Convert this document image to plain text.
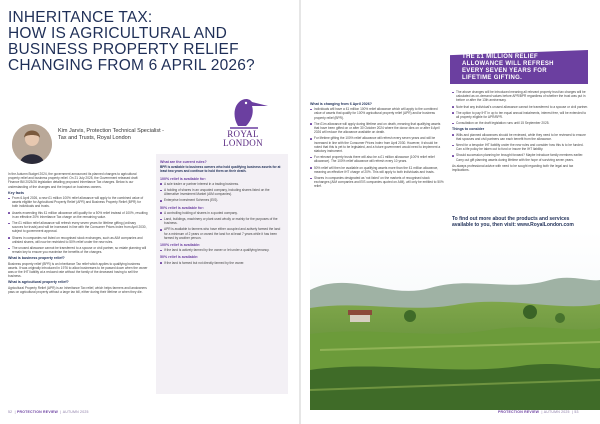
INHERITANCE TAX:
HOW IS AGRICULTURAL AND
BUSINESS PROPERTY RELIEF
CHANGING FROM 6 APRIL 2026?
Kim Jarvis, Protection Technical Specialist -
Tax and Trusts, Royal London	ROYAL
LONDON

In the Autumn Budget 2024, the government announced its planned changes to agricultural property relief and business property relief. On 21 July 2025, the Government released draft Finance Bill 2025/26 legislation detailing proposed Inheritance Tax changes. Below is our understanding of the changes and the impact on business owners.

Key facts
From 6 April 2026, a new £1 million 100% relief allowance will apply to the combined value of assets eligible for Agricultural Property Relief (APR) and Business Property Relief (BPR) for both individuals and trusts.
Assets exceeding this £1 million allowance will qualify for a 50% relief instead of 100%, resulting in an effective 20% Inheritance Tax charge on the remaining value.
The £1 million relief allowance will refresh every seven years for lifetime gifting (ordinary sources for trusts) and will be increased in line with the Consumer Prices Index from April 2030, subject to government approval.
Shares in companies not listed on recognised stock exchanges, such as AIM companies and unlisted shares, will now be restricted to 50% relief under the new rules.
The unused allowance cannot be transferred to a spouse or civil partner, so estate planning will remain key to ensure you maximise the benefits of the changes.
What is business property relief?

Business property relief (BPR) is an Inheritance Tax relief which applies to qualifying business assets. It was originally introduced in 1976 to allow businesses to be passed down when the owner was or the IHT liability at a reduced rate without the family of the deceased having to sell the business.

What is agricultural property relief?

Agricultural Property Relief (APR) is an Inheritance Tax relief, which helps farmers and landowners pass on agricultural property without a large tax bill, either during their lifetime or when they die.

What are the current rules?

BPR is available to business owners who hold qualifying business assets for at least two years and continue to hold them on their death.

100% relief is available for:
A sole trader or partner interest in a trading business.
A holding of shares in an unquoted company, including shares listed on the Alternative Investment Market (AIM companies).
Enterprise Investment Schemes (EIS).
50% relief is available for:
A controlling holding of shares in a quoted company.
Land, buildings, machinery or plant used wholly or mainly for the purposes of the business.
APR is available to farmers who have either occupied and actively farmed the land for a minimum of 2 years or owned the land for at least 7 years while it has been farmed by another person.
100% relief is available:
If the land is actively farmed by the owner or let under a qualifying tenancy.
50% relief is available:
If the land is farmed but not directly farmed by the owner.
What is changing from 6 April 2026?
Individuals will have a £1 million 100% relief allowance which will apply to the combined value of assets that qualify for 100% agricultural property relief (APR) and/or business property relief (BPR).
The £1m allowance will apply during lifetime and on death, meaning that qualifying assets that have been gifted on or after 30 October 2024 where the donor dies on or after 6 April 2026 will reduce the allowance available on death.
For lifetime gifting the 100% relief allowance will refresh every seven years and will be increased in line with the Consumer Prices Index from April 2030. However, it should be noted that this is yet to be legislated, and a future government would need to implement a statutory instrument.
For relevant property trusts there will also be a £1 million allowance (100% relief relief allowance). The 100% relief allowance will refresh every 10 years.
50% relief will then be available on qualifying assets more than the £1 million allowance, meaning an effective IHT charge of 20%. This will apply to both individuals and trusts.
Shares in companies designated as 'not listed' on the markets of recognised stock exchanges (AIM companies and EIS companies quoted on AIM), will only be entitled to 50% relief.
THE £1 MILLION RELIEF
ALLOWANCE WILL REFRESH
EVERY SEVEN YEARS FOR
LIFETIME GIFTING.
The above changes will be introduced meaning all relevant property trust tax charges will be calculated as on-demand values before APR/BPR regardless of whether the trust was put in before or after the 13th anniversary.
Note that any individual's unused allowance cannot be transferred to a spouse or civil partner.
The option to pay IHT in up to ten equal annual instalments, interest free, will be extended to all property eligible for APR/BPR.
Consultation on the draft legislation runs until 15 September 2025.
Things to consider
Wills and planned allowances should be reviewed, while they need to be reviewed to ensure that spouses and civil partners can each benefit from the allowance.
Need for a bespoke IHT liability under the new rules and consider how this is to be funded. Can a life policy be taken out to fund or insure the IHT liability.
Should succession planning be brought forward? Maybe introduce family members earlier. Carry out gift planning assets during lifetime with the hope of surviving seven years.

As always professional advice with need to be sought regarding both the legal and tax implications.

To find out more about the products and services
available to you, then visit: www.RoyalLondon.com
52  | PROTECTION REVIEW  | AUTUMN 2025	PROTECTION REVIEW  | AUTUMN 2025  | 53
